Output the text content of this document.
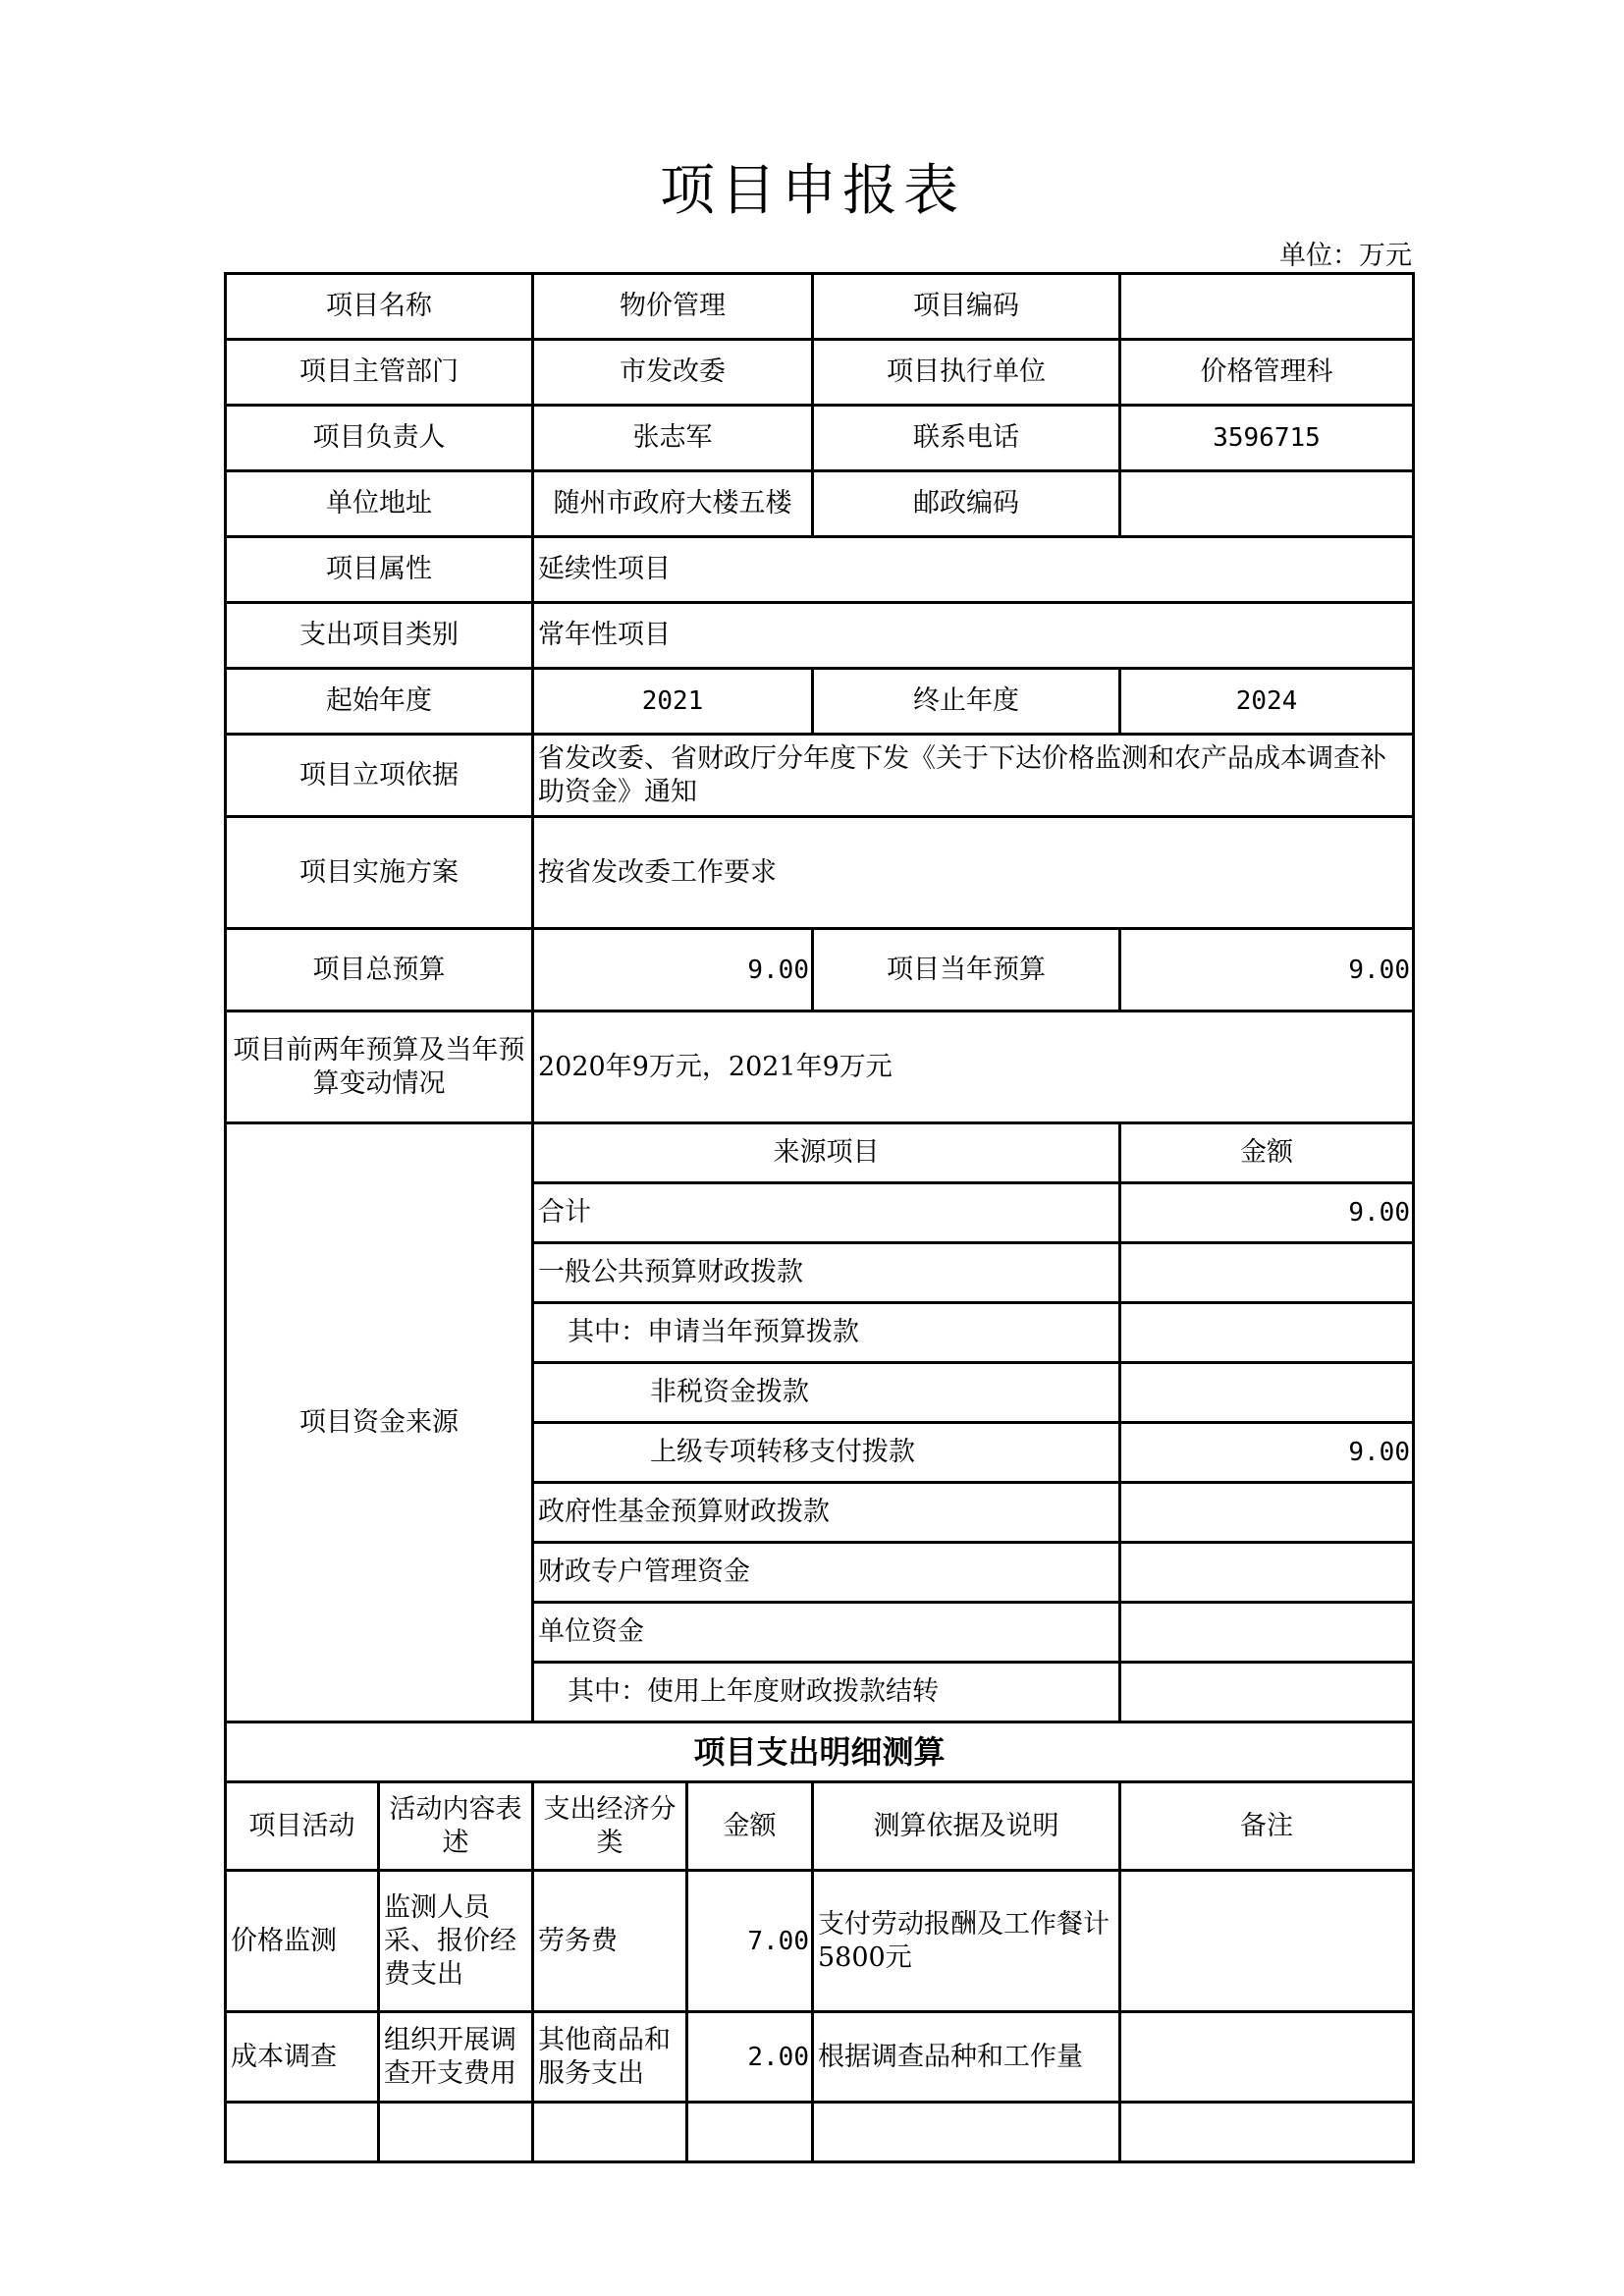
项目申报表
单位：万元
项目名称		物价管理		项目编码	
项目主管部门		市发改委		项目执行单位	价格管理科
项目负责人		张志军		联系电话	3596715
单位地址		随州市政府大楼五楼		邮政编码	
项目属性		延续性项目			
支出项目类别		常年性项目			
起始年度		2021		终止年度	2024
项目立项依据		省发改委、省财政厅分年度下发《关于下达价格监测和农产品成本调查补助资金》通知			
项目实施方案		按省发改委工作要求			
项目总预算		9.00		项目当年预算	9.00
项目前两年预算及当年预算变动情况		2020年9万元，2021年9万元			
项目资金来源		来源项目			金额
		合计			9.00
		一般公共预算财政拨款			
		其中：申请当年预算拨款			
		非税资金拨款			
		上级专项转移支付拨款			9.00
		政府性基金预算财政拨款			
		财政专户管理资金			
		单位资金			
		其中：使用上年度财政拨款结转			
项目支出明细测算					
项目活动	活动内容表述	支出经济分类	金额	测算依据及说明	备注
价格监测	监测人员采、报价经费支出	劳务费	7.00	支付劳动报酬及工作餐计5800元	
成本调查	组织开展调查开支费用	其他商品和服务支出	2.00	根据调查品种和工作量	
